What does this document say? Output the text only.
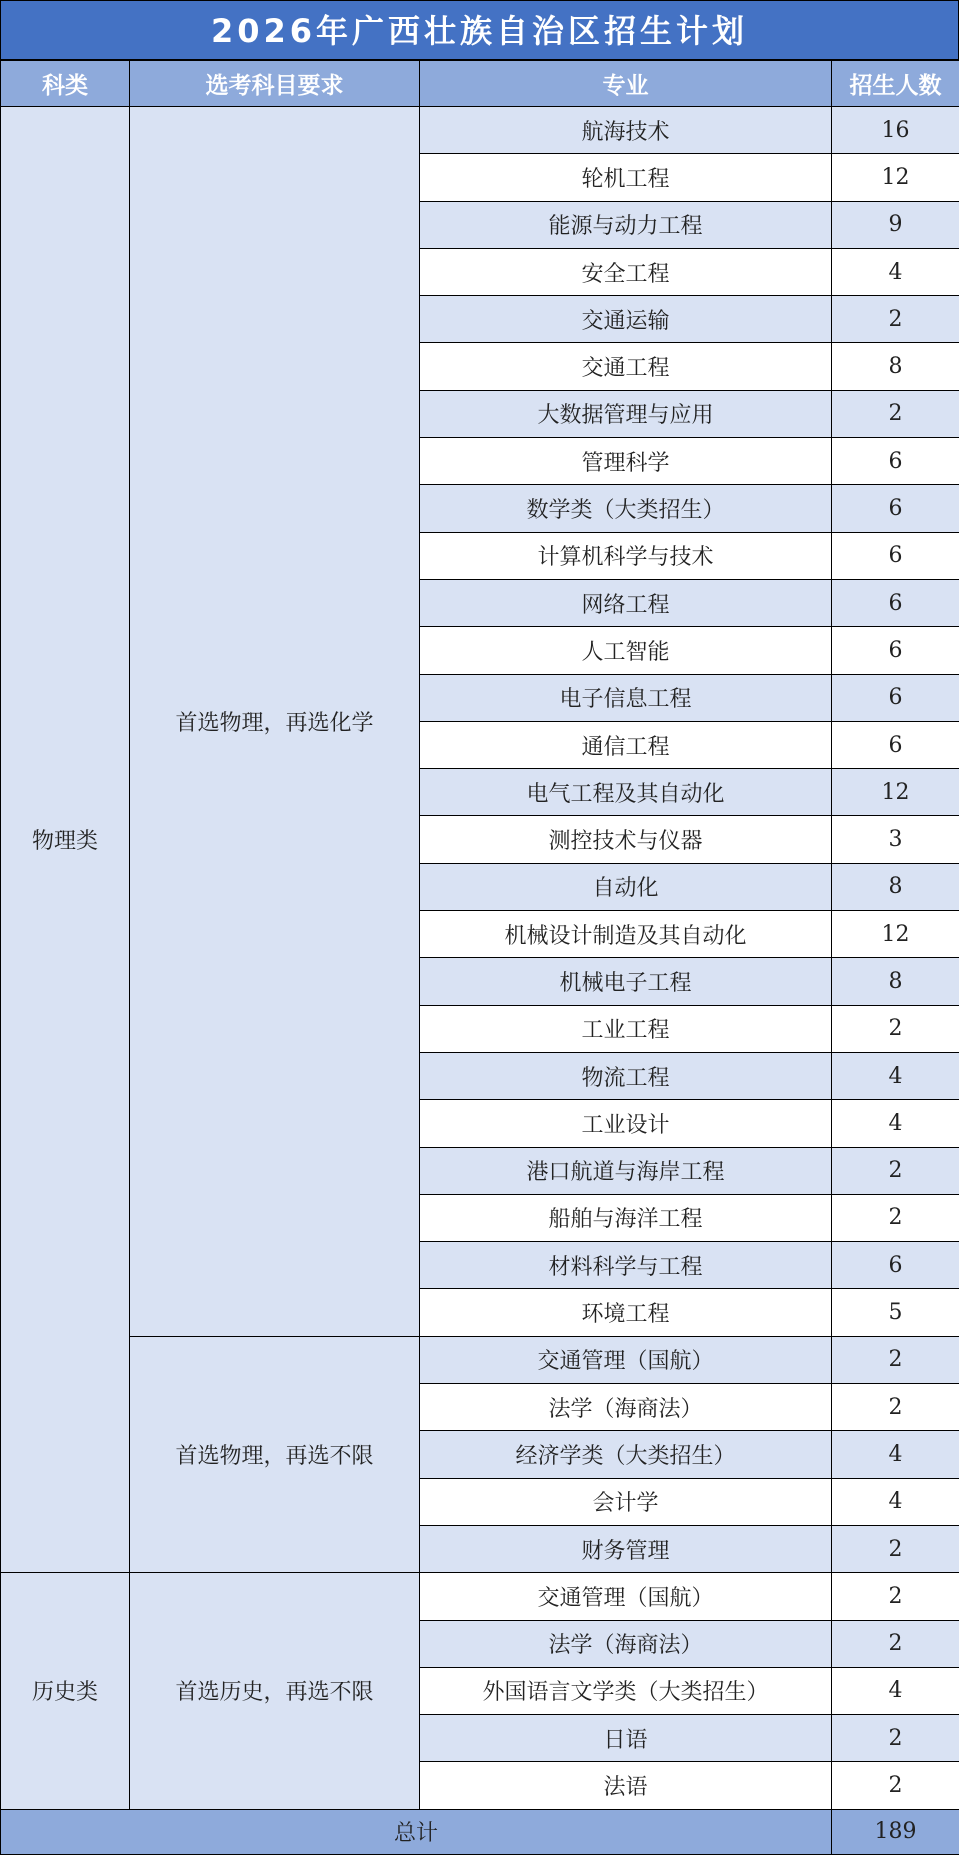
2026年广西壮族自治区招生计划
科类	选考科目要求	专业	招生人数
物理类	首选物理，再选化学	航海技术	16
		轮机工程	12
		能源与动力工程	9
		安全工程	4
		交通运输	2
		交通工程	8
		大数据管理与应用	2
		管理科学	6
		数学类（大类招生）	6
		计算机科学与技术	6
		网络工程	6
		人工智能	6
		电子信息工程	6
		通信工程	6
		电气工程及其自动化	12
		测控技术与仪器	3
		自动化	8
		机械设计制造及其自动化	12
		机械电子工程	8
		工业工程	2
		物流工程	4
		工业设计	4
		港口航道与海岸工程	2
		船舶与海洋工程	2
		材料科学与工程	6
		环境工程	5
	首选物理，再选不限	交通管理（国航）	2
		法学（海商法）	2
		经济学类（大类招生）	4
		会计学	4
		财务管理	2
历史类	首选历史，再选不限	交通管理（国航）	2
		法学（海商法）	2
		外国语言文学类（大类招生）	4
		日语	2
		法语	2
总计			189
